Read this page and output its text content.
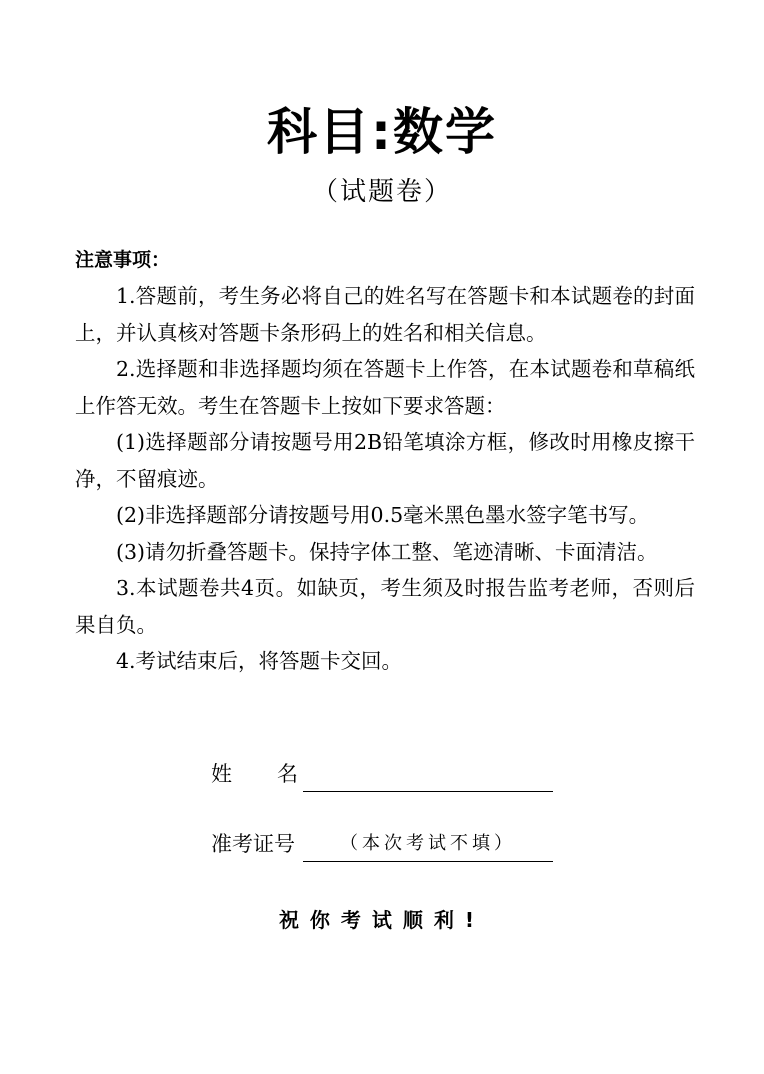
科目:数学
（试题卷）
注意事项：

1.答题前，考生务必将自己的姓名写在答题卡和本试题卷的封面上，并认真核对答题卡条形码上的姓名和相关信息。

2.选择题和非选择题均须在答题卡上作答，在本试题卷和草稿纸上作答无效。考生在答题卡上按如下要求答题：

(1)选择题部分请按题号用2B铅笔填涂方框，修改时用橡皮擦干净，不留痕迹。

(2)非选择题部分请按题号用0.5毫米黑色墨水签字笔书写。

(3)请勿折叠答题卡。保持字体工整、笔迹清晰、卡面清洁。

3.本试题卷共4页。如缺页，考生须及时报告监考老师，否则后果自负。

4.考试结束后，将答题卡交回。

姓名
准考证号	（本次考试不填）
祝你考试顺利!
